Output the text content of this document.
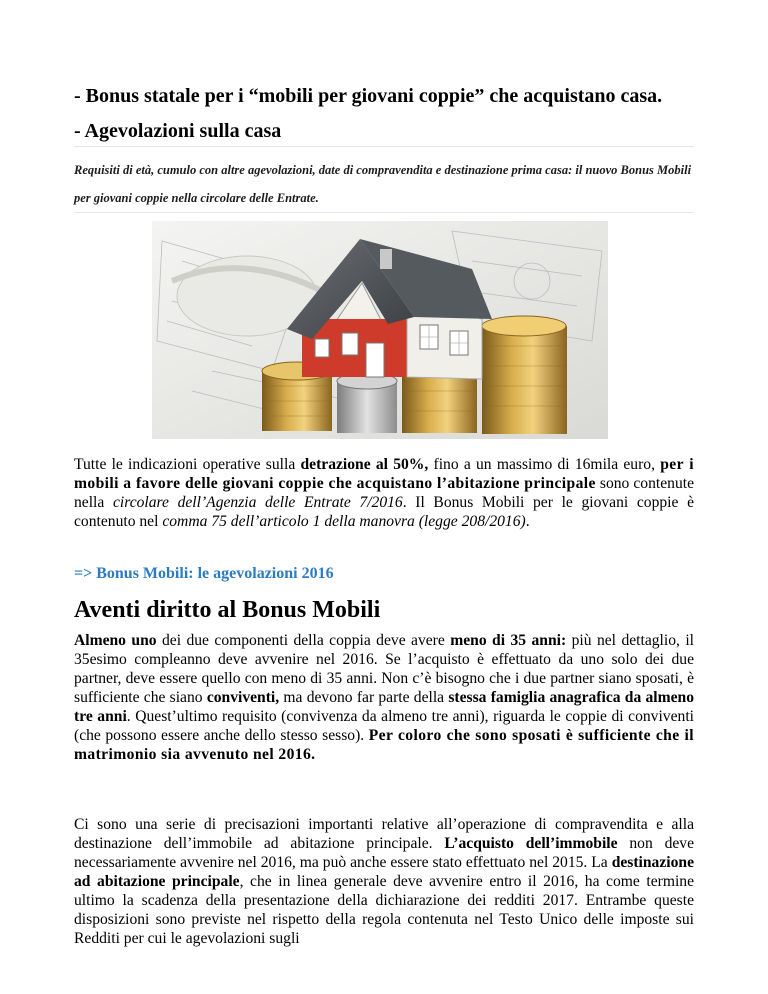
- Bonus statale per i “mobili per giovani coppie” che acquistano casa.
- Agevolazioni sulla casa
Requisiti di età, cumulo con altre agevolazioni, date di compravendita e destinazione prima casa: il nuovo Bonus Mobili per giovani coppie nella circolare delle Entrate.
Tutte le indicazioni operative sulla detrazione al 50%, fino a un massimo di 16mila euro, per i mobili a favore delle giovani coppie che acquistano l’abitazione principale sono contenute nella circolare dell’Agenzia delle Entrate 7/2016. Il Bonus Mobili per le giovani coppie è contenuto nel comma 75 dell’articolo 1 della manovra (legge 208/2016).
=> Bonus Mobili: le agevolazioni 2016
Aventi diritto al Bonus Mobili
Almeno uno dei due componenti della coppia deve avere meno di 35 anni: più nel dettaglio, il 35esimo compleanno deve avvenire nel 2016. Se l’acquisto è effettuato da uno solo dei due partner, deve essere quello con meno di 35 anni. Non c’è bisogno che i due partner siano sposati, è sufficiente che siano conviventi, ma devono far parte della stessa famiglia anagrafica da almeno tre anni. Quest’ultimo requisito (convivenza da almeno tre anni), riguarda le coppie di conviventi (che possono essere anche dello stesso sesso). Per coloro che sono sposati è sufficiente che il matrimonio sia avvenuto nel 2016.
Ci sono una serie di precisazioni importanti relative all’operazione di compravendita e alla destinazione dell’immobile ad abitazione principale. L’acquisto dell’immobile non deve necessariamente avvenire nel 2016, ma può anche essere stato effettuato nel 2015. La destinazione ad abitazione principale, che in linea generale deve avvenire entro il 2016, ha come termine ultimo la scadenza della presentazione della dichiarazione dei redditi 2017. Entrambe queste disposizioni sono previste nel rispetto della regola contenuta nel Testo Unico delle imposte sui Redditi per cui le agevolazioni sugli
